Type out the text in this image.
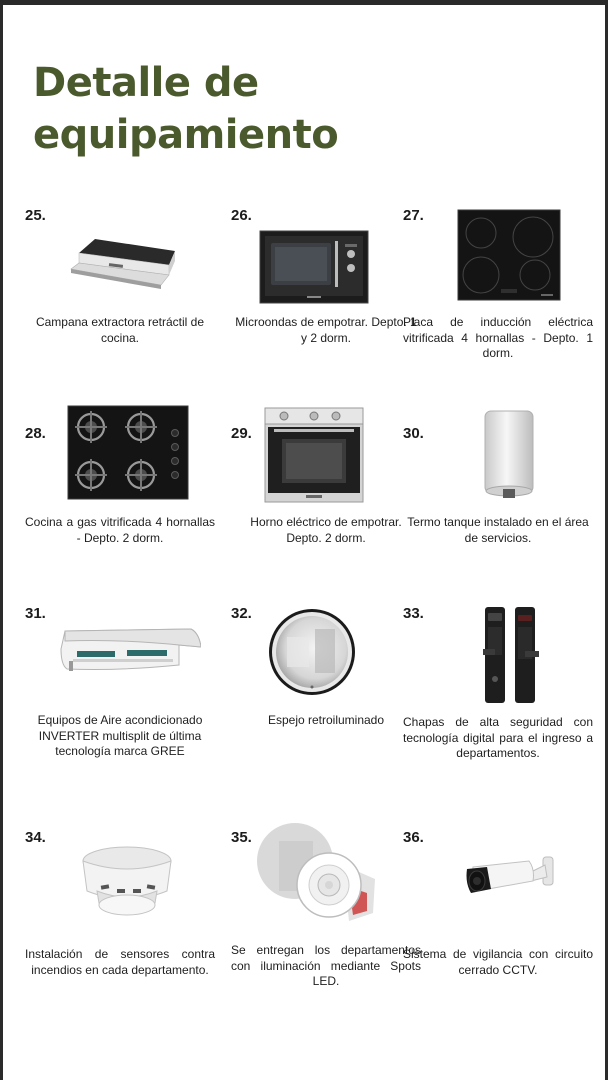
Detalle de
equipamiento
25.
Campana extractora retráctil de cocina.
26.
Microondas de empotrar. Depto. 1 y 2 dorm.
27.
Placa de inducción eléctrica vitrificada 4 hornallas - Depto. 1 dorm.
28.
Cocina a gas vitrificada 4 hornallas - Depto. 2 dorm.
29.
Horno eléctrico de empotrar. Depto. 2 dorm.
30.
Termo tanque instalado en el área de servicios.
31.
Equipos de Aire acondicionado INVERTER multisplit de última tecnología marca GREE
32.
Espejo retroiluminado
33.
Chapas de alta seguridad con tecnología digital para el ingreso a departamentos.
34.
Instalación de sensores contra incendios en cada departamento.
35.
Se entregan los departamentos con iluminación mediante Spots LED.
36.
Sistema de vigilancia con circuito cerrado CCTV.
